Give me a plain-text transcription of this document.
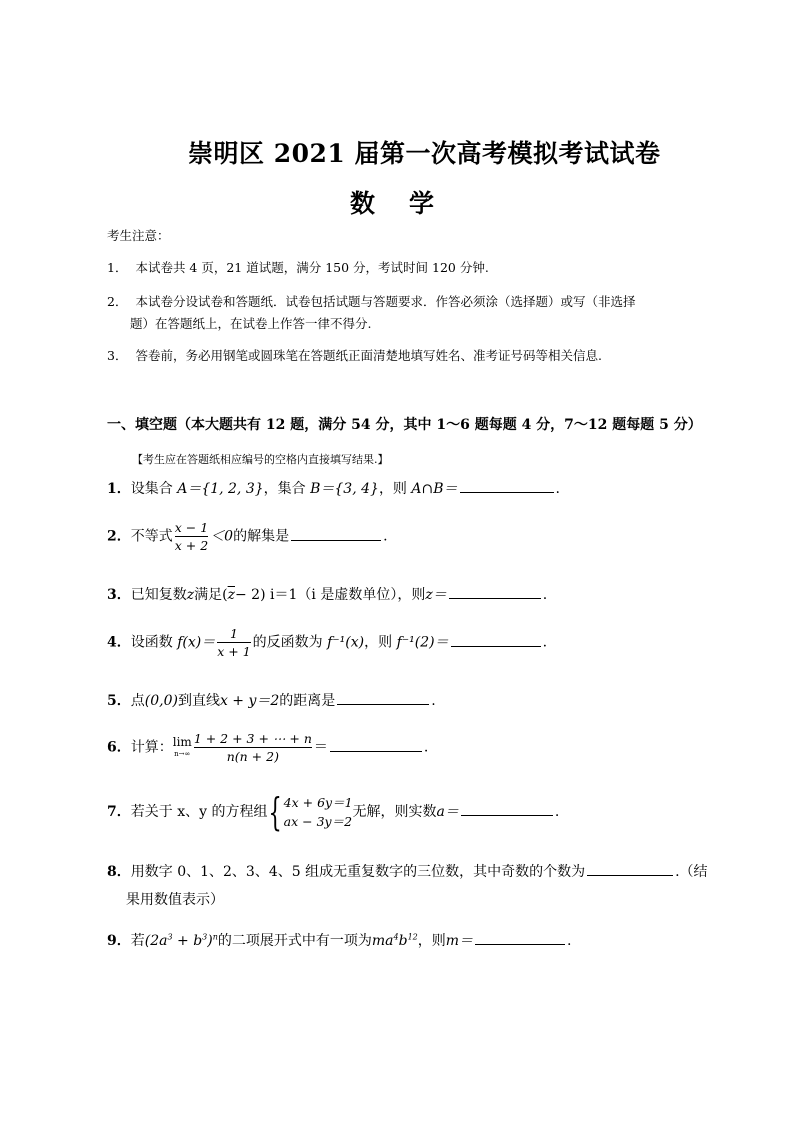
崇明区 2021 届第一次高考模拟考试试卷
数学
考生注意：
1． 本试卷共 4 页，21 道试题，满分 150 分，考试时间 120 分钟.
2． 本试卷分设试卷和答题纸．试卷包括试题与答题要求．作答必须涂（选择题）或写（非选择
题）在答题纸上，在试卷上作答一律不得分.
3． 答卷前，务必用钢笔或圆珠笔在答题纸正面清楚地填写姓名、准考证号码等相关信息.
一、填空题（本大题共有 12 题，满分 54 分，其中 1～6 题每题 4 分，7～12 题每题 5 分）
【考生应在答题纸相应编号的空格内直接填写结果.】
1．设集合 A＝{1, 2, 3}，集合 B＝{3, 4}，则 A∩B＝	.
2．不等式 $\frac{x - 1}{x + 2} <0$的解集是	.
3．已知复数z满足$(\overline{z}- 2)$ i＝1（i 是虚数单位），则z＝	.
4．设函数 $f(x)= \frac{1}{x + 1}$ 的反函数为 f⁻¹(x)，则 f⁻¹(2)＝	.
5．点(0,0)到直线x + y＝2的距离是	.
6．计算： lim
$n\to\infty \frac{1 + 2 + 3 + \cdots + n}{n(n + 2)}$ ＝	.
7．若关于 x、y 的方程组{ 4x + 6y＝1
ax − 3y＝2
无解，则实数a＝	.
8．用数字 0、1、2、3、4、5 组成无重复数字的三位数，其中奇数的个数为	.（结
果用数值表示）
9．若$(2a^3 + b^3)^n$的二项展开式中有一项为$ma^4b^{12}$，则m＝	.
